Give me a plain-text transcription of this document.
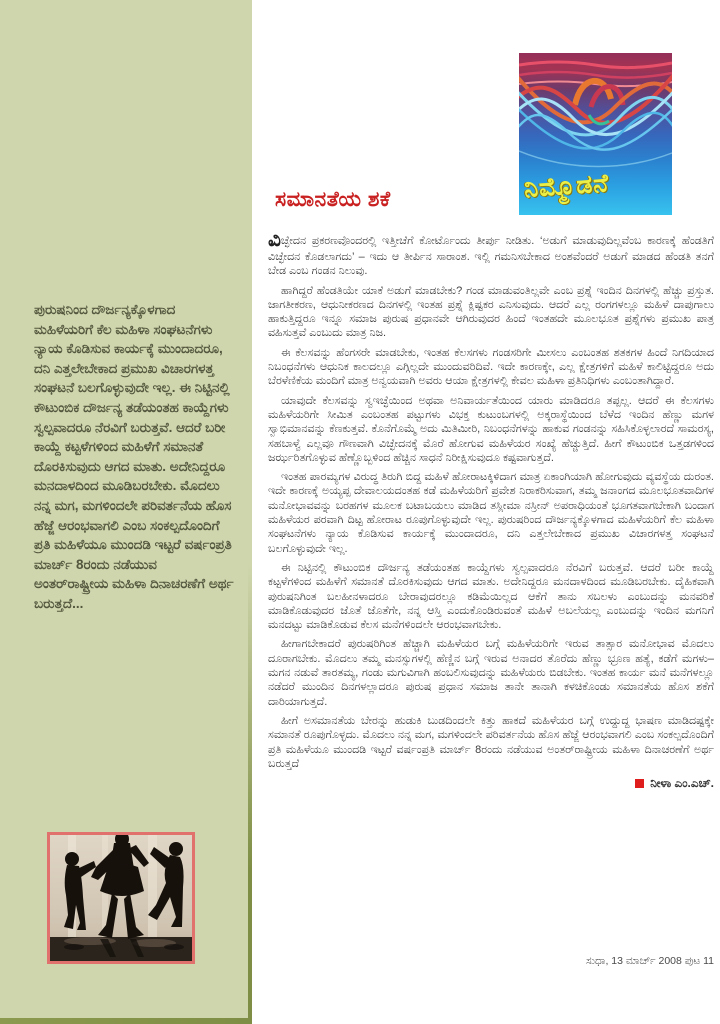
ಪುರುಷನಿಂದ ದೌರ್ಜನ್ಯಕ್ಕೊಳಗಾದ ಮಹಿಳೆಯರಿಗೆ ಕೆಲ ಮಹಿಳಾ ಸಂಘಟನೆಗಳು ನ್ಯಾಯ ಕೊಡಿಸುವ ಕಾರ್ಯಕ್ಕೆ ಮುಂದಾದರೂ, ದನಿ ಎತ್ತಲೇಬೇಕಾದ ಪ್ರಮುಖ ವಿಚಾರಗಳತ್ತ ಸಂಘಟನೆ ಬಲಗೊಳ್ಳುವುದೇ ಇಲ್ಲ. ಈ ನಿಟ್ಟಿನಲ್ಲಿ ಕೌಟುಂಬಿಕ ದೌರ್ಜನ್ಯ ತಡೆಯಂತಹ ಕಾಯ್ದೆಗಳು ಸ್ವಲ್ಪವಾದರೂ ನೆರವಿಗೆ ಬರುತ್ತವೆ. ಆದರೆ ಬರೀ ಕಾಯ್ದೆ ಕಟ್ಟಳೆಗಳಿಂದ ಮಹಿಳೆಗೆ ಸಮಾನತೆ ದೊರಕಿಸುವುದು ಆಗದ ಮಾತು. ಅದೇನಿದ್ದರೂ ಮನದಾಳದಿಂದ ಮೂಡಿಬರಬೇಕು. ಮೊದಲು ನನ್ನ ಮಗ, ಮಗಳಿಂದಲೇ ಪರಿವರ್ತನೆಯ ಹೊಸ ಹೆಜ್ಜೆ ಆರಂಭವಾಗಲಿ ಎಂಬ ಸಂಕಲ್ಪದೊಂದಿಗೆ ಪ್ರತಿ ಮಹಿಳೆಯೂ ಮುಂದಡಿ ಇಟ್ಟರೆ ವರ್ಷಂಪ್ರತಿ ಮಾರ್ಚ್ 8ರಂದು ನಡೆಯುವ ಅಂತರ್‌ರಾಷ್ಟ್ರೀಯ ಮಹಿಳಾ ದಿನಾಚರಣೆಗೆ ಅರ್ಥ ಬರುತ್ತದೆ...
ನಿಮ್ಮೊಡನೆ
ಸಮಾನತೆಯ ಶಕೆ

ವಿಚ್ಛೇದನ ಪ್ರಕರಣವೊಂದರಲ್ಲಿ ಇತ್ತೀಚೆಗೆ ಕೋರ್ಟೊಂದು ತೀರ್ಪು ನೀಡಿತು. ‘ಅಡುಗೆ ಮಾಡುವುದಿಲ್ಲವೆಂಬ ಕಾರಣಕ್ಕೆ ಹೆಂಡತಿಗೆ ವಿಚ್ಛೇದನ ಕೊಡಲಾಗದು’ – ಇದು ಆ ತೀರ್ಪಿನ ಸಾರಾಂಶ. ಇಲ್ಲಿ ಗಮನಿಸಬೇಕಾದ ಅಂಶವೆಂದರೆ ಅಡುಗೆ ಮಾಡದ ಹೆಂಡತಿ ತನಗೆ ಬೇಡ ಎಂಬ ಗಂಡನ ನಿಲುವು.

ಹಾಗಿದ್ದರೆ ಹೆಂಡತಿಯೇ ಯಾಕೆ ಅಡುಗೆ ಮಾಡಬೇಕು? ಗಂಡ ಮಾಡುವಂತಿಲ್ಲವೇ ಎಂಬ ಪ್ರಶ್ನೆ ಇಂದಿನ ದಿನಗಳಲ್ಲಿ ಹೆಚ್ಚು ಪ್ರಸ್ತುತ. ಜಾಗತೀಕರಣ, ಆಧುನೀಕರಣದ ದಿನಗಳಲ್ಲಿ ಇಂತಹ ಪ್ರಶ್ನೆ ಕ್ಲಿಷ್ಟಕರ ಎನಿಸುವುದು. ಆದರೆ ಎಲ್ಲ ರಂಗಗಳಲ್ಲೂ ಮಹಿಳೆ ದಾಪುಗಾಲು ಹಾಕುತ್ತಿದ್ದರೂ ಇನ್ನೂ ಸಮಾಜ ಪುರುಷ ಪ್ರಧಾನವೇ ಆಗಿರುವುದರ ಹಿಂದೆ ಇಂತಹದೇ ಮೂಲಭೂತ ಪ್ರಶ್ನೆಗಳು ಪ್ರಮುಖ ಪಾತ್ರ ವಹಿಸುತ್ತವೆ ಎಂಬುದು ಮಾತ್ರ ನಿಜ.

ಈ ಕೆಲಸವನ್ನು ಹೆಂಗಸರೇ ಮಾಡಬೇಕು, ಇಂತಹ ಕೆಲಸಗಳು ಗಂಡಸರಿಗೇ ಮೀಸಲು ಎಂಬಂತಹ ಶತಕಗಳ ಹಿಂದೆ ನಿಗದಿಯಾದ ನಿಬಂಧನೆಗಳು ಆಧುನಿಕ ಕಾಲದಲ್ಲೂ ಎಗ್ಗಿಲ್ಲದೇ ಮುಂದುವರಿದಿವೆ. ಇದೇ ಕಾರಣಕ್ಕೇ, ಎಲ್ಲ ಕ್ಷೇತ್ರಗಳಿಗೆ ಮಹಿಳೆ ಕಾಲಿಟ್ಟಿದ್ದರೂ ಅದು ಬೆರಳೆಣಿಕೆಯ ಮಂದಿಗೆ ಮಾತ್ರ ಅನ್ವಯವಾಗಿ ಅವರು ಆಯಾ ಕ್ಷೇತ್ರಗಳಲ್ಲಿ ಕೇವಲ ಮಹಿಳಾ ಪ್ರತಿನಿಧಿಗಳು ಎಂಬಂತಾಗಿದ್ದಾರೆ.

ಯಾವುದೇ ಕೆಲಸವನ್ನು ಸ್ವಇಚ್ಛೆಯಿಂದ ಅಥವಾ ಅನಿವಾರ್ಯತೆಯಿಂದ ಯಾರು ಮಾಡಿದರೂ ತಪ್ಪಲ್ಲ. ಆದರೆ ಈ ಕೆಲಸಗಳು ಮಹಿಳೆಯರಿಗೇ ಸೀಮಿತ ಎಂಬಂತಹ ಪಟ್ಟುಗಳು ವಿಭಕ್ತ ಕುಟುಂಬಗಳಲ್ಲಿ ಅಕ್ಕರಾಸ್ಥೆಯಿಂದ ಬೆಳೆದ ಇಂದಿನ ಹೆಣ್ಣು ಮಗಳ ಸ್ವಾಭಿಮಾನವನ್ನು ಕೆಣಕುತ್ತವೆ. ಕೊನೆಗೊಮ್ಮೆ ಅದು ಮಿತಿಮೀರಿ, ನಿಬಂಧನೆಗಳನ್ನು ಹಾಕುವ ಗಂಡನನ್ನು ಸಹಿಸಿಕೊಳ್ಳಲಾರದೆ ಸಾಮರಸ್ಯ, ಸಹಬಾಳ್ವೆ ಎಲ್ಲವೂ ಗೌಣವಾಗಿ ವಿಚ್ಛೇದನಕ್ಕೆ ಮೊರೆ ಹೋಗುವ ಮಹಿಳೆಯರ ಸಂಖ್ಯೆ ಹೆಚ್ಚುತ್ತಿದೆ. ಹೀಗೆ ಕೌಟುಂಬಿಕ ಒತ್ತಡಗಳಿಂದ ಜರ್ಝರಿತಗೊಳ್ಳುವ ಹೆಣ್ಣೊಬ್ಬಳಿಂದ ಹೆಚ್ಚಿನ ಸಾಧನೆ ನಿರೀಕ್ಷಿಸುವುದೂ ಕಷ್ಟವಾಗುತ್ತದೆ.

ಇಂತಹ ಪಾರಮ್ಯಗಳ ವಿರುದ್ಧ ತಿರುಗಿ ಬಿದ್ದ ಮಹಿಳೆ ಹೋರಾಟಕ್ಕಿಳಿದಾಗ ಮಾತ್ರ ಏಕಾಂಗಿಯಾಗಿ ಹೋಗುವುದು ವ್ಯವಸ್ಥೆಯ ದುರಂತ. ಇದೇ ಕಾರಣಕ್ಕೆ ಅಯ್ಯಪ್ಪ ದೇವಾಲಯದಂತಹ ಕಡೆ ಮಹಿಳೆಯರಿಗೆ ಪ್ರವೇಶ ನಿರಾಕರಿಸುವಾಗ, ತಮ್ಮ ಜನಾಂಗದ ಮೂಲಭೂತವಾದಿಗಳ ಮನೋಭಾವವನ್ನು ಬರಹಗಳ ಮೂಲಕ ಬಟಾಬಯಲು ಮಾಡಿದ ತಸ್ಲೀಮಾ ನಸ್ರೀನ್ ಅಪರಾಧಿಯಂತೆ ಭೂಗತವಾಗಬೇಕಾಗಿ ಬಂದಾಗ ಮಹಿಳೆಯರ ಪರವಾಗಿ ದಿಟ್ಟ ಹೋರಾಟ ರೂಪುಗೊಳ್ಳುವುದೇ ಇಲ್ಲ. ಪುರುಷರಿಂದ ದೌರ್ಜನ್ಯಕ್ಕೊಳಗಾದ ಮಹಿಳೆಯರಿಗೆ ಕೆಲ ಮಹಿಳಾ ಸಂಘಟನೆಗಳು ನ್ಯಾಯ ಕೊಡಿಸುವ ಕಾರ್ಯಕ್ಕೆ ಮುಂದಾದರೂ, ದನಿ ಎತ್ತಲೇಬೇಕಾದ ಪ್ರಮುಖ ವಿಚಾರಗಳತ್ತ ಸಂಘಟನೆ ಬಲಗೊಳ್ಳುವುದೇ ಇಲ್ಲ.

ಈ ನಿಟ್ಟಿನಲ್ಲಿ ಕೌಟುಂಬಿಕ ದೌರ್ಜನ್ಯ ತಡೆಯಂತಹ ಕಾಯ್ದೆಗಳು ಸ್ವಲ್ಪವಾದರೂ ನೆರವಿಗೆ ಬರುತ್ತವೆ. ಆದರೆ ಬರೀ ಕಾಯ್ದೆ ಕಟ್ಟಳೆಗಳಿಂದ ಮಹಿಳೆಗೆ ಸಮಾನತೆ ದೊರಕಿಸುವುದು ಆಗದ ಮಾತು. ಅದೇನಿದ್ದರೂ ಮನದಾಳದಿಂದ ಮೂಡಿಬರಬೇಕು. ದೈಹಿಕವಾಗಿ ಪುರುಷನಿಗಿಂತ ಬಲಹೀನಳಾದರೂ ಬೇರಾವುದರಲ್ಲೂ ಕಡಿಮೆಯಿಲ್ಲದ ಆಕೆಗೆ ತಾನು ಸಬಲಳು ಎಂಬುದನ್ನು ಮನವರಿಕೆ ಮಾಡಿಕೊಡುವುದರ ಜೊತೆ ಜೊತೆಗೇ, ನನ್ನ ಆಸ್ತಿ ಎಂದುಕೊಂಡಿರುವಂತೆ ಮಹಿಳೆ ಅಬಲೆಯಲ್ಲ ಎಂಬುದನ್ನು ಇಂದಿನ ಮಗನಿಗೆ ಮನದಟ್ಟು ಮಾಡಿಕೊಡುವ ಕೆಲಸ ಮನೆಗಳಿಂದಲೇ ಆರಂಭವಾಗಬೇಕು.

ಹೀಗಾಗಬೇಕಾದರೆ ಪುರುಷರಿಗಿಂತ ಹೆಚ್ಚಾಗಿ ಮಹಿಳೆಯರ ಬಗ್ಗೆ ಮಹಿಳೆಯರಿಗೇ ಇರುವ ತಾತ್ಸಾರ ಮನೋಭಾವ ಮೊದಲು ದೂರಾಗಬೇಕು. ಮೊದಲು ತಮ್ಮ ಮನಸ್ಸುಗಳಲ್ಲಿ ಹೆಣ್ಣಿನ ಬಗ್ಗೆ ಇರುವ ಅನಾದರ ತೊರೆದು ಹೆಣ್ಣು ಭ್ರೂಣ ಹತ್ಯೆ, ಕಡೆಗೆ ಮಗಳು– ಮಗನ ನಡುವೆ ತಾರತಮ್ಯ, ಗಂಡು ಮಗುವಿಗಾಗಿ ಹಂಬಲಿಸುವುದನ್ನು ಮಹಿಳೆಯರು ಬಿಡಬೇಕು. ಇಂತಹ ಕಾರ್ಯ ಮನೆ ಮನೆಗಳಲ್ಲೂ ನಡೆದರೆ ಮುಂದಿನ ದಿನಗಳಲ್ಲಾದರೂ ಪುರುಷ ಪ್ರಧಾನ ಸಮಾಜ ತಾನೇ ತಾನಾಗಿ ಕಳಚಿಕೊಂಡು ಸಮಾನತೆಯ ಹೊಸ ಶಕೆಗೆ ದಾರಿಯಾಗುತ್ತದೆ.

ಹೀಗೆ ಅಸಮಾನತೆಯ ಬೇರನ್ನು ಹುಡುಕಿ ಬುಡದಿಂದಲೇ ಕಿತ್ತು ಹಾಕದೆ ಮಹಿಳೆಯರ ಬಗ್ಗೆ ಉದ್ದುದ್ದ ಭಾಷಣ ಮಾಡಿದಷ್ಟಕ್ಕೇ ಸಮಾನತೆ ರೂಪುಗೊಳ್ಳದು. ಮೊದಲು ನನ್ನ ಮಗ, ಮಗಳಿಂದಲೇ ಪರಿವರ್ತನೆಯ ಹೊಸ ಹೆಜ್ಜೆ ಆರಂಭವಾಗಲಿ ಎಂಬ ಸಂಕಲ್ಪದೊಂದಿಗೆ ಪ್ರತಿ ಮಹಿಳೆಯೂ ಮುಂದಡಿ ಇಟ್ಟರೆ ವರ್ಷಂಪ್ರತಿ ಮಾರ್ಚ್ 8ರಂದು ನಡೆಯುವ ಅಂತರ್‌ರಾಷ್ಟ್ರೀಯ ಮಹಿಳಾ ದಿನಾಚರಣೆಗೆ ಅರ್ಥ ಬರುತ್ತದೆ

ನೀಳಾ ಎಂ.ಎಚ್.
ಸುಧಾ, 13 ಮಾರ್ಚ್ 2008 ಪುಟ 11
